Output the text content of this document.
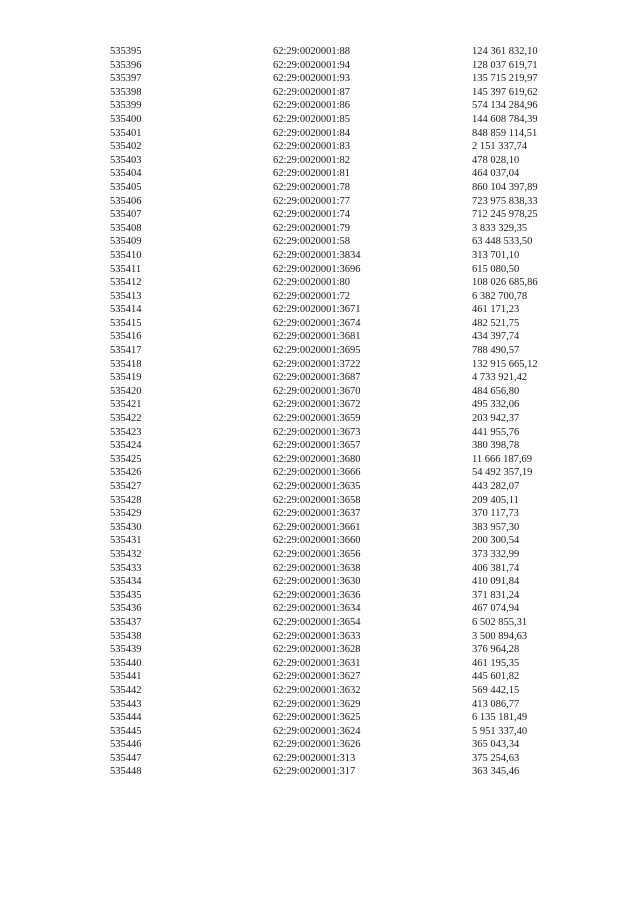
535395	62:29:0020001:88	124 361 832,10
535396	62:29:0020001:94	128 037 619,71
535397	62:29:0020001:93	135 715 219,97
535398	62:29:0020001:87	145 397 619,62
535399	62:29:0020001:86	574 134 284,96
535400	62:29:0020001:85	144 608 784,39
535401	62:29:0020001:84	848 859 114,51
535402	62:29:0020001:83	2 151 337,74
535403	62:29:0020001:82	478 028,10
535404	62:29:0020001:81	464 037,04
535405	62:29:0020001:78	860 104 397,89
535406	62:29:0020001:77	723 975 838,33
535407	62:29:0020001:74	712 245 978,25
535408	62:29:0020001:79	3 833 329,35
535409	62:29:0020001:58	63 448 533,50
535410	62:29:0020001:3834	313 701,10
535411	62:29:0020001:3696	615 080,50
535412	62:29:0020001:80	108 026 685,86
535413	62:29:0020001:72	6 382 700,78
535414	62:29:0020001:3671	461 171,23
535415	62:29:0020001:3674	482 521,75
535416	62:29:0020001:3681	434 397,74
535417	62:29:0020001:3695	788 490,57
535418	62:29:0020001:3722	132 915 665,12
535419	62:29:0020001:3687	4 733 921,42
535420	62:29:0020001:3670	484 656,80
535421	62:29:0020001:3672	495 332,06
535422	62:29:0020001:3659	203 942,37
535423	62:29:0020001:3673	441 955,76
535424	62:29:0020001:3657	380 398,78
535425	62:29:0020001:3680	11 666 187,69
535426	62:29:0020001:3666	54 492 357,19
535427	62:29:0020001:3635	443 282,07
535428	62:29:0020001:3658	209 405,11
535429	62:29:0020001:3637	370 117,73
535430	62:29:0020001:3661	383 957,30
535431	62:29:0020001:3660	200 300,54
535432	62:29:0020001:3656	373 332,99
535433	62:29:0020001:3638	406 381,74
535434	62:29:0020001:3630	410 091,84
535435	62:29:0020001:3636	371 831,24
535436	62:29:0020001:3634	467 074,94
535437	62:29:0020001:3654	6 502 855,31
535438	62:29:0020001:3633	3 500 894,63
535439	62:29:0020001:3628	376 964,28
535440	62:29:0020001:3631	461 195,35
535441	62:29:0020001:3627	445 601,82
535442	62:29:0020001:3632	569 442,15
535443	62:29:0020001:3629	413 086,77
535444	62:29:0020001:3625	6 135 181,49
535445	62:29:0020001:3624	5 951 337,40
535446	62:29:0020001:3626	365 043,34
535447	62:29:0020001:313	375 254,63
535448	62:29:0020001:317	363 345,46
